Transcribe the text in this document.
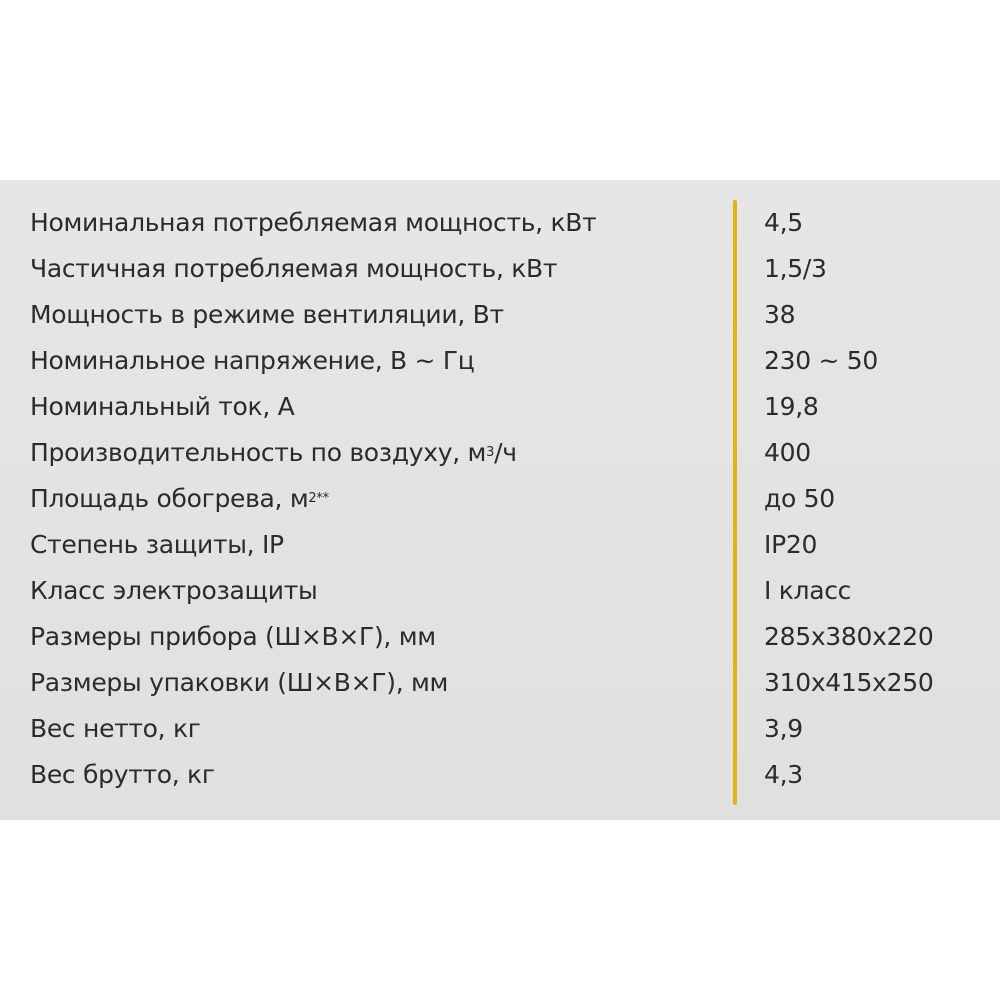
Номинальная потребляемая мощность, кВт	4,5
Частичная потребляемая мощность, кВт	1,5/3
Мощность в режиме вентиляции, Вт	38
Номинальное напряжение, В ~ Гц	230 ~ 50
Номинальный ток, А	19,8
Производительность по воздуху, $м^3/ч$	400
Площадь обогрева, $м^{2**}$	до 50
Степень защиты, IP	IP20
Класс электрозащиты	I класс
Размеры прибора (Ш×В×Г), мм	285x380x220
Размеры упаковки (Ш×В×Г), мм	310x415x250
Вес нетто, кг	3,9
Вес брутто, кг	4,3
